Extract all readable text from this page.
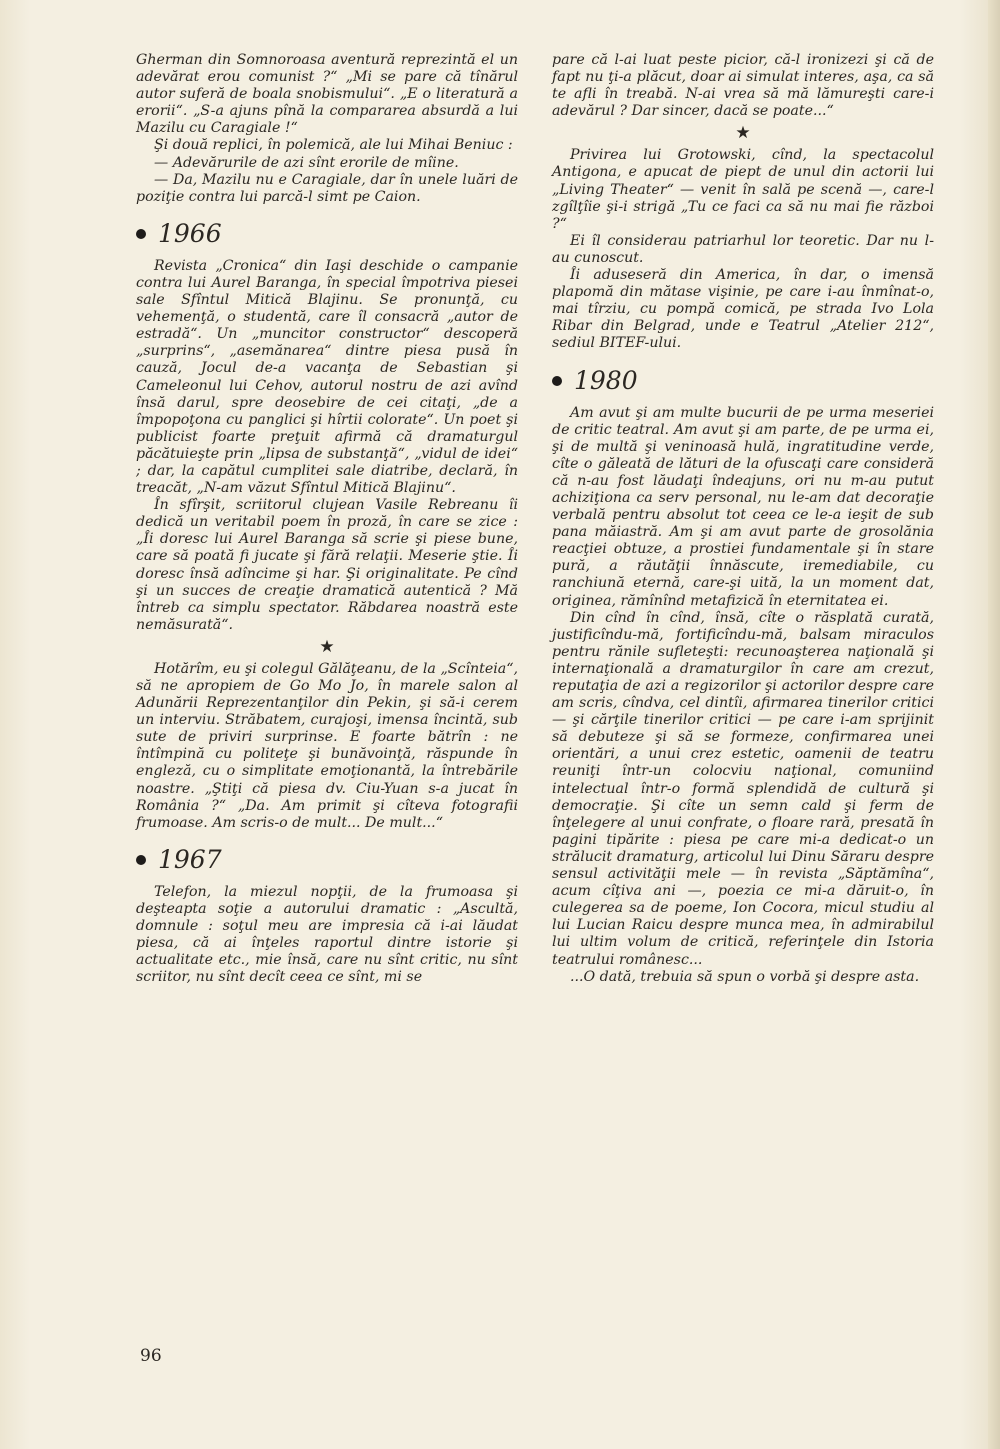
Gherman din Somnoroasa aventură reprezintă el un adevărat erou comunist ?“ „Mi se pare că tînărul autor suferă de boala snobismului“. „E o literatură a erorii“. „S-a ajuns pînă la compararea absurdă a lui Mazilu cu Caragiale !“

Şi două replici, în polemică, ale lui Mihai Beniuc :

— Adevărurile de azi sînt erorile de mîine.

— Da, Mazilu nu e Caragiale, dar în unele luări de poziţie contra lui parcă-l simt pe Caion.

1966

Revista „Cronica“ din Iaşi deschide o campanie contra lui Aurel Baranga, în special împotriva piesei sale Sfîntul Mitică Blajinu. Se pronunţă, cu vehemenţă, o studentă, care îl consacră „autor de estradă“. Un „muncitor constructor“ descoperă „surprins“, „asemănarea“ dintre piesa pusă în cauză, Jocul de-a vacanţa de Sebastian şi Cameleonul lui Cehov, autorul nostru de azi avînd însă darul, spre deosebire de cei citaţi, „de a împopoţona cu panglici şi hîrtii colorate“. Un poet şi publicist foarte preţuit afirmă că dramaturgul păcătuieşte prin „lipsa de substanţă“, „vidul de idei“ ; dar, la capătul cumplitei sale diatribe, declară, în treacăt, „N-am văzut Sfîntul Mitică Blajinu“.

În sfîrşit, scriitorul clujean Vasile Rebreanu îi dedică un veritabil poem în proză, în care se zice : „Îi doresc lui Aurel Baranga să scrie şi piese bune, care să poată fi jucate şi fără relaţii. Meserie ştie. Îi doresc însă adîncime şi har. Şi originalitate. Pe cînd şi un succes de creaţie dramatică autentică ? Mă întreb ca simplu spectator. Răbdarea noastră este nemăsurată“.

★

Hotărîm, eu şi colegul Gălăţeanu, de la „Scînteia“, să ne apropiem de Go Mo Jo, în marele salon al Adunării Reprezentanţilor din Pekin, şi să-i cerem un interviu. Străbatem, curajoşi, imensa încintă, sub sute de priviri surprinse. E foarte bătrîn : ne întîmpină cu politeţe şi bunăvoinţă, răspunde în engleză, cu o simplitate emoţionantă, la întrebările noastre. „Ştiţi că piesa dv. Ciu-Yuan s-a jucat în România ?“ „Da. Am primit şi cîteva fotografii frumoase. Am scris-o de mult... De mult...“

1967

Telefon, la miezul nopţii, de la frumoasa şi deşteapta soţie a autorului dramatic : „Ascultă, domnule : soţul meu are impresia că i-ai lăudat piesa, că ai înţeles raportul dintre istorie şi actualitate etc., mie însă, care nu sînt critic, nu sînt scriitor, nu sînt decît ceea ce sînt, mi se

pare că l-ai luat peste picior, că-l ironizezi şi că de fapt nu ţi-a plăcut, doar ai simulat interes, aşa, ca să te afli în treabă. N-ai vrea să mă lămureşti care-i adevărul ? Dar sincer, dacă se poate...“

★

Privirea lui Grotowski, cînd, la spectacolul Antigona, e apucat de piept de unul din actorii lui „Living Theater“ — venit în sală pe scenă —, care-l zgîlţîie şi-i strigă „Tu ce faci ca să nu mai fie război ?“

Ei îl considerau patriarhul lor teoretic. Dar nu l-au cunoscut.

Îi aduseseră din America, în dar, o imensă plapomă din mătase vişinie, pe care i-au înmînat-o, mai tîrziu, cu pompă comică, pe strada Ivo Lola Ribar din Belgrad, unde e Teatrul „Atelier 212“, sediul BITEF-ului.

1980

Am avut şi am multe bucurii de pe urma meseriei de critic teatral. Am avut şi am parte, de pe urma ei, şi de multă şi veninoasă hulă, ingratitudine verde, cîte o găleată de lături de la ofuscaţi care consideră că n-au fost lăudaţi îndeajuns, ori nu m-au putut achiziţiona ca serv personal, nu le-am dat decoraţie verbală pentru absolut tot ceea ce le-a ieşit de sub pana măiastră. Am şi am avut parte de grosolănia reacţiei obtuze, a prostiei fundamentale şi în stare pură, a răutăţii înnăscute, iremediabile, cu ranchiună eternă, care-şi uită, la un moment dat, originea, rămînînd metafizică în eternitatea ei.

Din cînd în cînd, însă, cîte o răsplată curată, justificîndu-mă, fortificîndu-mă, balsam miraculos pentru rănile sufleteşti: recunoaşterea naţională şi internaţională a dramaturgilor în care am crezut, reputaţia de azi a regizorilor şi actorilor despre care am scris, cîndva, cel dintîi, afirmarea tinerilor critici — şi cărţile tinerilor critici — pe care i-am sprijinit să debuteze şi să se formeze, confirmarea unei orientări, a unui crez estetic, oamenii de teatru reuniţi într-un colocviu naţional, comuniind intelectual într-o formă splendidă de cultură şi democraţie. Şi cîte un semn cald şi ferm de înţelegere al unui confrate, o floare rară, presată în pagini tipărite : piesa pe care mi-a dedicat-o un strălucit dramaturg, articolul lui Dinu Săraru despre sensul activităţii mele — în revista „Săptămîna“, acum cîţiva ani —, poezia ce mi-a dăruit-o, în culegerea sa de poeme, Ion Cocora, micul studiu al lui Lucian Raicu despre munca mea, în admirabilul lui ultim volum de critică, referinţele din Istoria teatrului românesc...

...O dată, trebuia să spun o vorbă şi despre asta.

96
